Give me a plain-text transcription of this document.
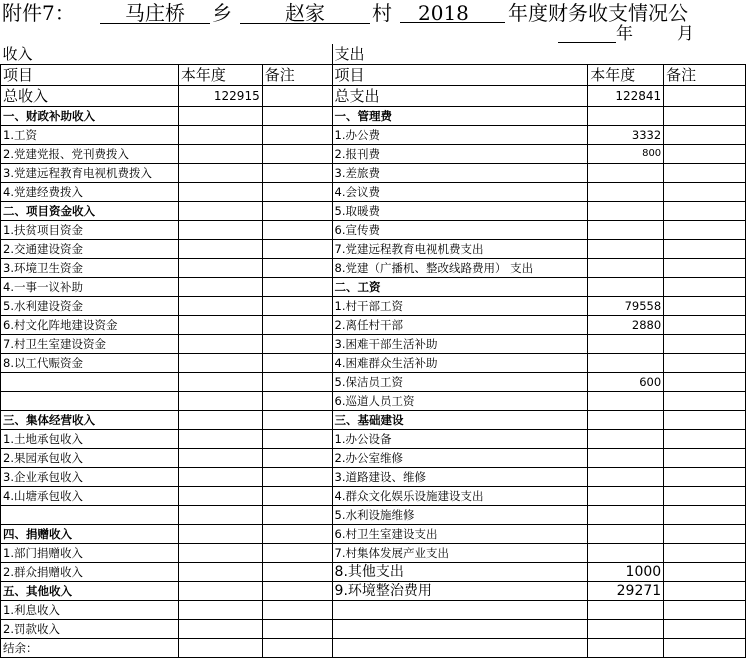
附件7：	马庄桥	乡	赵家	村	2018	年度财务收支情况公
年	月
收入			支出		
项目	本年度	备注	项目	本年度	备注
总收入	122915		总支出	122841	
一、财政补助收入			一、管理费		
1.工资			1.办公费	3332	
2.党建党报、党刊费拨入			2.报刊费	800	
3.党建远程教育电视机费拨入			3.差旅费		
4.党建经费拨入			4.会议费		
二、项目资金收入			5.取暖费		
1.扶贫项目资金			6.宣传费		
2.交通建设资金			7.党建远程教育电视机费支出		
3.环境卫生资金			8.党建（广播机、整改线路费用） 支出		
4.一事一议补助			二、工资		
5.水利建设资金			1.村干部工资	79558	
6.村文化阵地建设资金			2.离任村干部	2880	
7.村卫生室建设资金			3.困难干部生活补助		
8.以工代赈资金			4.困难群众生活补助		
			5.保洁员工资	600	
			6.巡道人员工资		
三、集体经营收入			三、基础建设		
1.土地承包收入			1.办公设备		
2.果园承包收入			2.办公室维修		
3.企业承包收入			3.道路建设、维修		
4.山塘承包收入			4.群众文化娱乐设施建设支出		
			5.水利设施维修		
四、捐赠收入			6.村卫生室建设支出		
1.部门捐赠收入			7.村集体发展产业支出		
2.群众捐赠收入			8.其他支出	1000	
五、其他收入			9.环境整治费用	29271	
1.利息收入					
2.罚款收入					
结余：					
